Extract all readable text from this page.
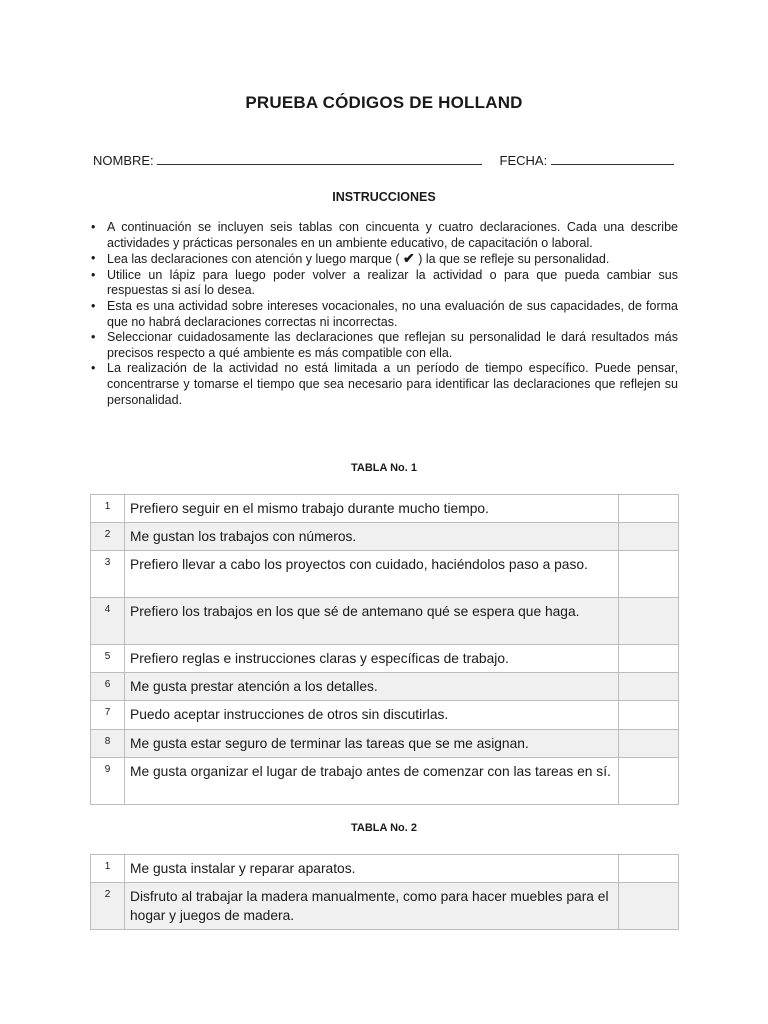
PRUEBA CÓDIGOS DE HOLLAND
NOMBRE:	FECHA:
INSTRUCCIONES
• A continuación se incluyen seis tablas con cincuenta y cuatro declaraciones. Cada una describe actividades y prácticas personales en un ambiente educativo, de capacitación o laboral.
• Lea las declaraciones con atención y luego marque ( ✔ ) la que se refleje su personalidad.
• Utilice un lápiz para luego poder volver a realizar la actividad o para que pueda cambiar sus respuestas si así lo desea.
• Esta es una actividad sobre intereses vocacionales, no una evaluación de sus capacidades, de forma que no habrá declaraciones correctas ni incorrectas.
• Seleccionar cuidadosamente las declaraciones que reflejan su personalidad le dará resultados más precisos respecto a qué ambiente es más compatible con ella.
• La realización de la actividad no está limitada a un período de tiempo específico. Puede pensar, concentrarse y tomarse el tiempo que sea necesario para identificar las declaraciones que reflejen su personalidad.
TABLA No. 1
1	Prefiero seguir en el mismo trabajo durante mucho tiempo.	
2	Me gustan los trabajos con números.	
3	Prefiero llevar a cabo los proyectos con cuidado, haciéndolos paso a paso.	
4	Prefiero los trabajos en los que sé de antemano qué se espera que haga.	
5	Prefiero reglas e instrucciones claras y específicas de trabajo.	
6	Me gusta prestar atención a los detalles.	
7	Puedo aceptar instrucciones de otros sin discutirlas.	
8	Me gusta estar seguro de terminar las tareas que se me asignan.	
9	Me gusta organizar el lugar de trabajo antes de comenzar con las tareas en sí.	
TABLA No. 2
1	Me gusta instalar y reparar aparatos.	
2	Disfruto al trabajar la madera manualmente, como para hacer muebles para el hogar y juegos de madera.	
